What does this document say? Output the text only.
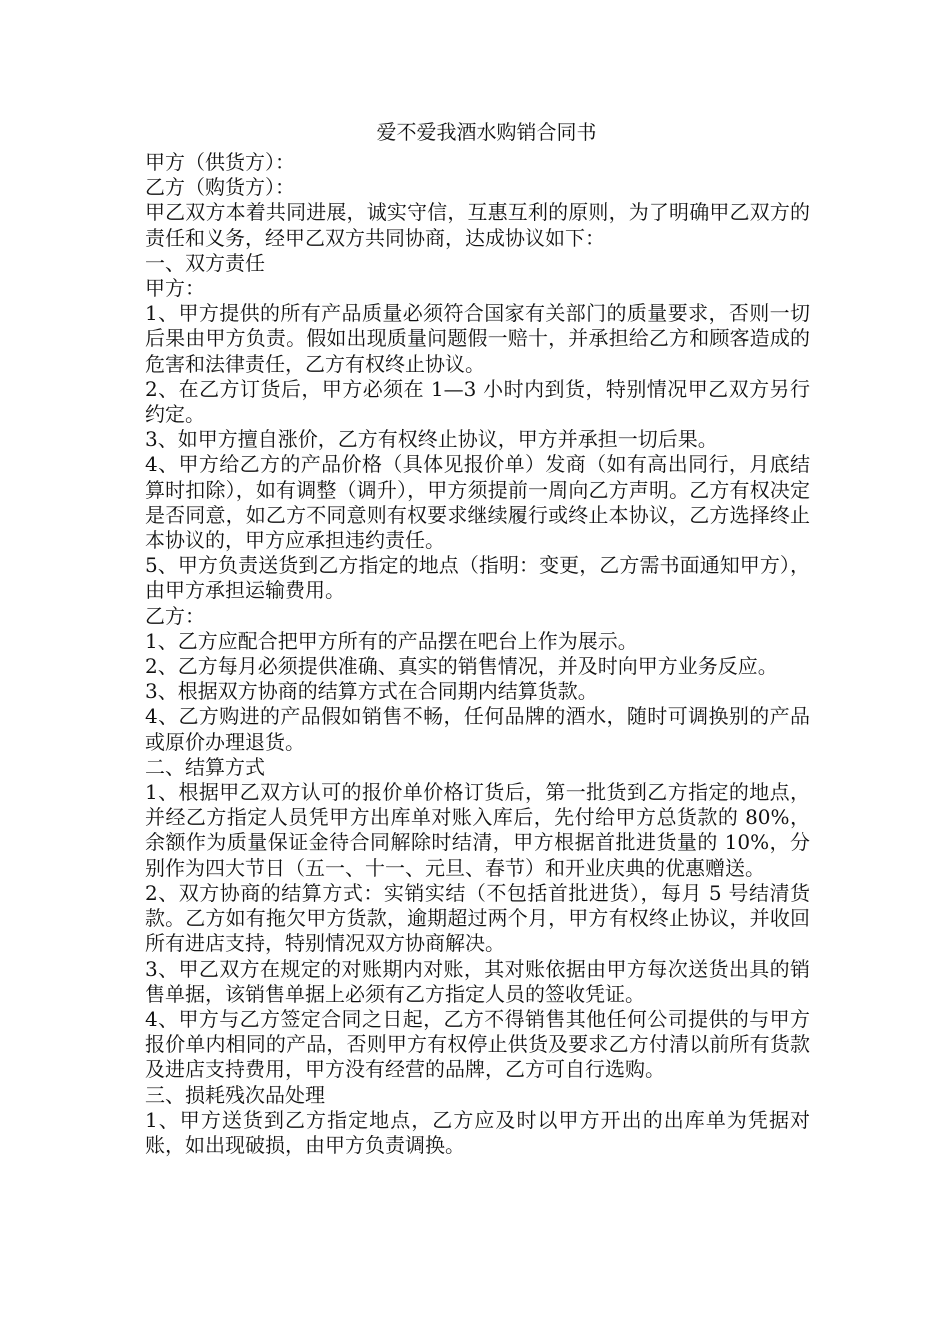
爱不爱我酒水购销合同书

甲方（供货方）：

乙方（购货方）：

甲乙双方本着共同进展，诚实守信，互惠互利的原则，为了明确甲乙双方的责任和义务，经甲乙双方共同协商，达成协议如下：

一、双方责任

甲方：

1、甲方提供的所有产品质量必须符合国家有关部门的质量要求，否则一切后果由甲方负责。假如出现质量问题假一赔十，并承担给乙方和顾客造成的危害和法律责任，乙方有权终止协议。

2、在乙方订货后，甲方必须在 1—3 小时内到货，特别情况甲乙双方另行约定。

3、如甲方擅自涨价，乙方有权终止协议，甲方并承担一切后果。

4、甲方给乙方的产品价格（具体见报价单）发商（如有高出同行，月底结算时扣除），如有调整（调升），甲方须提前一周向乙方声明。乙方有权决定是否同意，如乙方不同意则有权要求继续履行或终止本协议，乙方选择终止本协议的，甲方应承担违约责任。

5、甲方负责送货到乙方指定的地点（指明：变更，乙方需书面通知甲方），由甲方承担运输费用。

乙方：

1、乙方应配合把甲方所有的产品摆在吧台上作为展示。

2、乙方每月必须提供准确、真实的销售情况，并及时向甲方业务反应。

3、根据双方协商的结算方式在合同期内结算货款。

4、乙方购进的产品假如销售不畅，任何品牌的酒水，随时可调换别的产品或原价办理退货。

二、结算方式

1、根据甲乙双方认可的报价单价格订货后，第一批货到乙方指定的地点，并经乙方指定人员凭甲方出库单对账入库后，先付给甲方总货款的 80%，余额作为质量保证金待合同解除时结清，甲方根据首批进货量的 10%，分别作为四大节日（五一、十一、元旦、春节）和开业庆典的优惠赠送。

2、双方协商的结算方式：实销实结（不包括首批进货），每月 5 号结清货款。乙方如有拖欠甲方货款，逾期超过两个月，甲方有权终止协议，并收回所有进店支持，特别情况双方协商解决。

3、甲乙双方在规定的对账期内对账，其对账依据由甲方每次送货出具的销售单据，该销售单据上必须有乙方指定人员的签收凭证。

4、甲方与乙方签定合同之日起，乙方不得销售其他任何公司提供的与甲方报价单内相同的产品，否则甲方有权停止供货及要求乙方付清以前所有货款及进店支持费用，甲方没有经营的品牌，乙方可自行选购。

三、损耗残次品处理

1、甲方送货到乙方指定地点，乙方应及时以甲方开出的出库单为凭据对账，如出现破损，由甲方负责调换。
